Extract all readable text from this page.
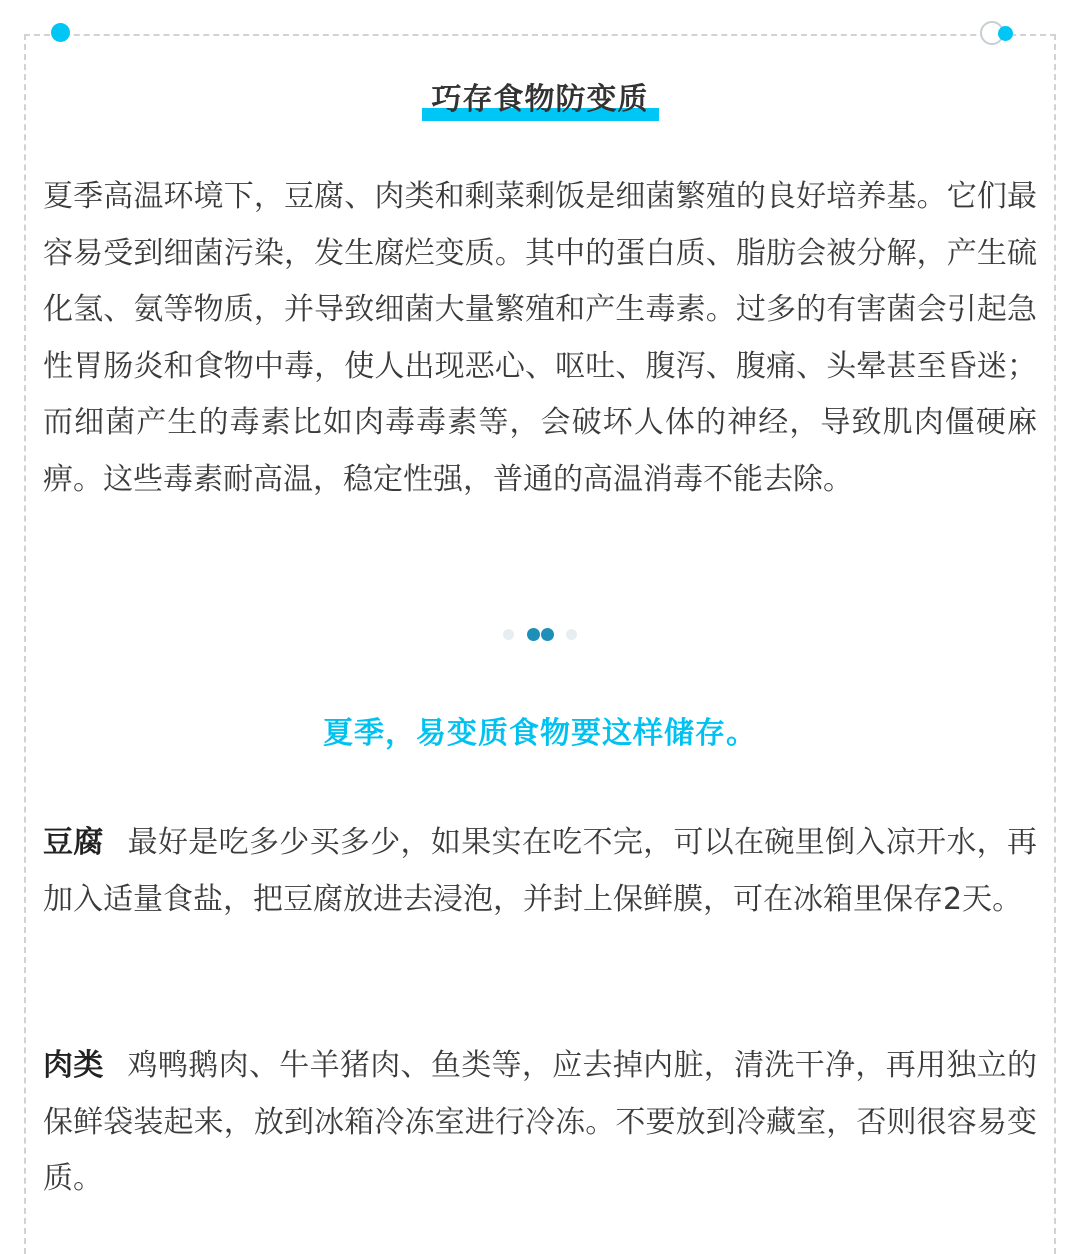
巧存食物防变质

夏季高温环境下，豆腐、肉类和剩菜剩饭是细菌繁殖的良好培养基。它们最容易受到细菌污染，发生腐烂变质。其中的蛋白质、脂肪会被分解，产生硫化氢、氨等物质，并导致细菌大量繁殖和产生毒素。过多的有害菌会引起急性胃肠炎和食物中毒，使人出现恶心、呕吐、腹泻、腹痛、头晕甚至昏迷；而细菌产生的毒素比如肉毒毒素等，会破坏人体的神经，导致肌肉僵硬麻痹。这些毒素耐高温，稳定性强，普通的高温消毒不能去除。

夏季，易变质食物要这样储存。

豆腐 最好是吃多少买多少，如果实在吃不完，可以在碗里倒入凉开水，再加入适量食盐，把豆腐放进去浸泡，并封上保鲜膜，可在冰箱里保存2天。

肉类 鸡鸭鹅肉、牛羊猪肉、鱼类等，应去掉内脏，清洗干净，再用独立的保鲜袋装起来，放到冰箱冷冻室进行冷冻。不要放到冷藏室，否则很容易变质。
